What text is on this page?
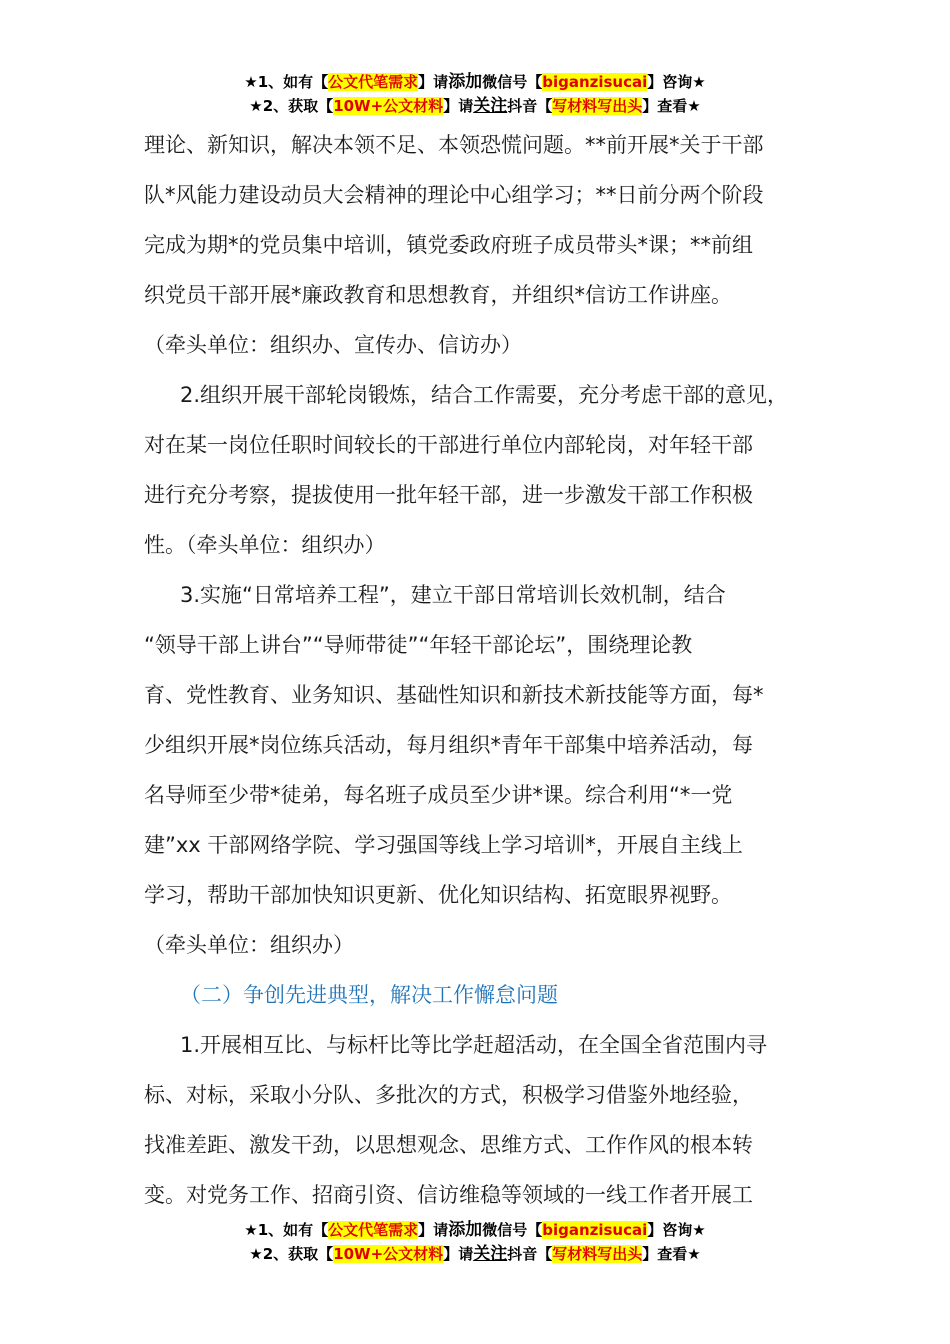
★1、如有【公文代笔需求】请添加微信号【biganzisucai】咨询★
★2、获取【10W+公文材料】请关注抖音【写材料写出头】查看★

理论、新知识，解决本领不足、本领恐慌问题。**前开展*关于干部

队*风能力建设动员大会精神的理论中心组学习；**日前分两个阶段

完成为期*的党员集中培训，镇党委政府班子成员带头*课；**前组

织党员干部开展*廉政教育和思想教育，并组织*信访工作讲座。

（牵头单位：组织办、宣传办、信访办）

2.组织开展干部轮岗锻炼，结合工作需要，充分考虑干部的意见，

对在某一岗位任职时间较长的干部进行单位内部轮岗，对年轻干部

进行充分考察，提拔使用一批年轻干部，进一步激发干部工作积极

性。（牵头单位：组织办）

3.实施“日常培养工程”，建立干部日常培训长效机制，结合

“领导干部上讲台”“导师带徒”“年轻干部论坛”，围绕理论教

育、党性教育、业务知识、基础性知识和新技术新技能等方面，每*

少组织开展*岗位练兵活动，每月组织*青年干部集中培养活动，每

名导师至少带*徒弟，每名班子成员至少讲*课。综合利用“*一党

建”xx 干部网络学院、学习强国等线上学习培训*，开展自主线上

学习，帮助干部加快知识更新、优化知识结构、拓宽眼界视野。

（牵头单位：组织办）

（二）争创先进典型，解决工作懈怠问题

1.开展相互比、与标杆比等比学赶超活动，在全国全省范围内寻

标、对标，采取小分队、多批次的方式，积极学习借鉴外地经验，

找准差距、激发干劲，以思想观念、思维方式、工作作风的根本转

变。对党务工作、招商引资、信访维稳等领域的一线工作者开展工

★1、如有【公文代笔需求】请添加微信号【biganzisucai】咨询★
★2、获取【10W+公文材料】请关注抖音【写材料写出头】查看★
